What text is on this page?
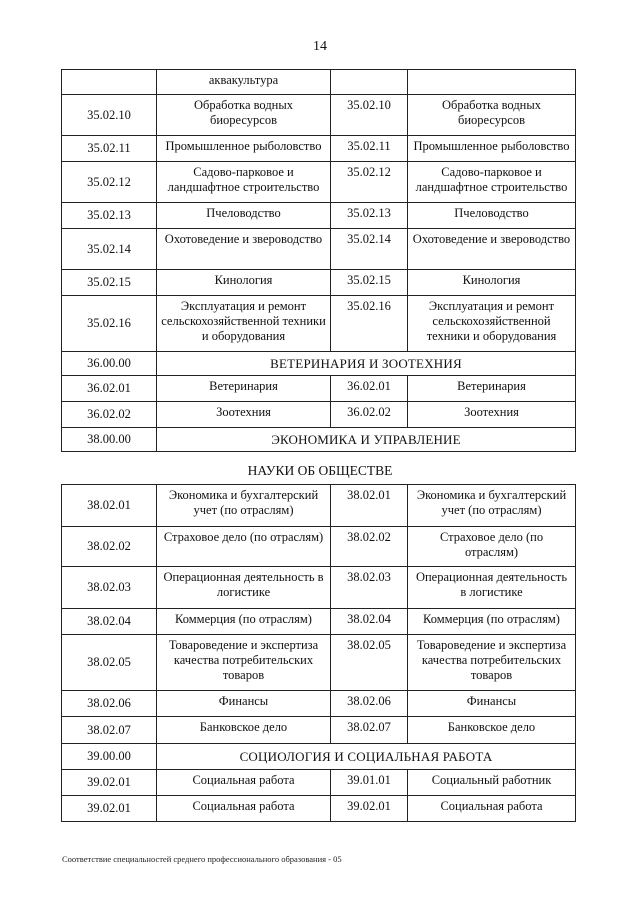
14
	аквакультура		
35.02.10	Обработка водных биоресурсов	35.02.10	Обработка водных биоресурсов
35.02.11	Промышленное рыболовство	35.02.11	Промышленное рыболовство
35.02.12	Садово-парковое и ландшафтное строительство	35.02.12	Садово-парковое и ландшафтное строительство
35.02.13	Пчеловодство	35.02.13	Пчеловодство
35.02.14	Охотоведение и звероводство	35.02.14	Охотоведение и звероводство
35.02.15	Кинология	35.02.15	Кинология
35.02.16	Эксплуатация и ремонт сельскохозяйственной техники и оборудования	35.02.16	Эксплуатация и ремонт сельскохозяйственной техники и оборудования
36.00.00	ВЕТЕРИНАРИЯ И ЗООТЕХНИЯ		
36.02.01	Ветеринария	36.02.01	Ветеринария
36.02.02	Зоотехния	36.02.02	Зоотехния
38.00.00	ЭКОНОМИКА И УПРАВЛЕНИЕ		
НАУКИ ОБ ОБЩЕСТВЕ
38.02.01	Экономика и бухгалтерский учет (по отраслям)	38.02.01	Экономика и бухгалтерский учет (по отраслям)
38.02.02	Страховое дело (по отраслям)	38.02.02	Страховое дело (по отраслям)
38.02.03	Операционная деятельность в логистике	38.02.03	Операционная деятельность в логистике
38.02.04	Коммерция (по отраслям)	38.02.04	Коммерция (по отраслям)
38.02.05	Товароведение и экспертиза качества потребительских товаров	38.02.05	Товароведение и экспертиза качества потребительских товаров
38.02.06	Финансы	38.02.06	Финансы
38.02.07	Банковское дело	38.02.07	Банковское дело
39.00.00	СОЦИОЛОГИЯ И СОЦИАЛЬНАЯ РАБОТА		
39.02.01	Социальная работа	39.01.01	Социальный работник
39.02.01	Социальная работа	39.02.01	Социальная работа
Соответствие специальностей среднего профессионального образования - 05
